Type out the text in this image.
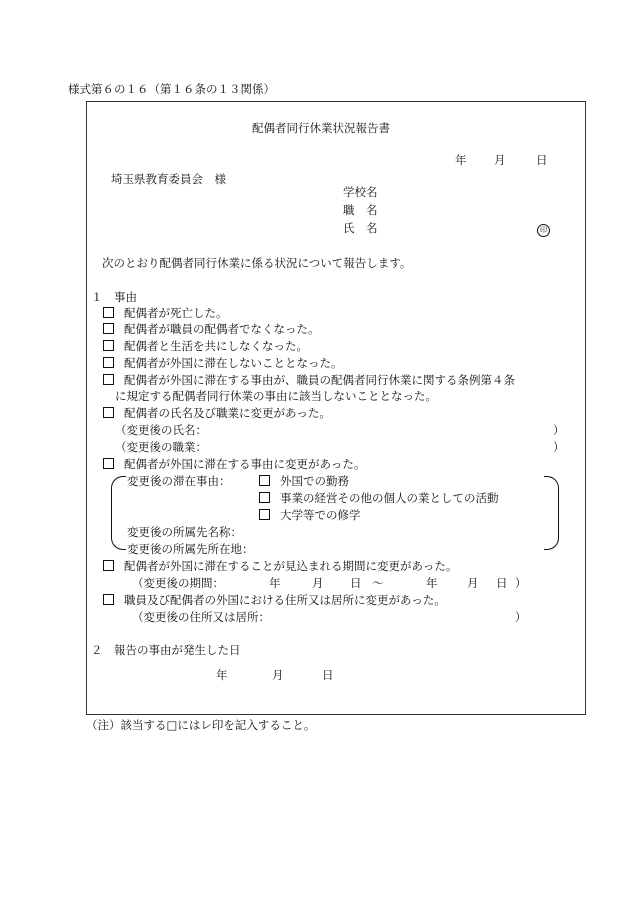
様式第６の１６（第１６条の１３関係）
配偶者同行休業状況報告書
年 月	日
埼玉県教育委員会　様
学校名
職　名
氏　名	印
次のとおり配偶者同行休業に係る状況について報告します。
１　事由
配偶者が死亡した。
配偶者が職員の配偶者でなくなった。
配偶者と生活を共にしなくなった。
配偶者が外国に滞在しないこととなった。
配偶者が外国に滞在する事由が、職員の配偶者同行休業に関する条例第４条
に規定する配偶者同行休業の事由に該当しないこととなった。
配偶者の氏名及び職業に変更があった。
（変更後の氏名：	）
（変更後の職業：	）
配偶者が外国に滞在する事由に変更があった。
変更後の滞在事由：	外国での勤務
事業の経営その他の個人の業としての活動
大学等での修学
変更後の所属先名称：
変更後の所属先所在地：
配偶者が外国に滞在することが見込まれる期間に変更があった。
（変更後の期間：	年	月 日 ～	年	月 日 ）
職員及び配偶者の外国における住所又は居所に変更があった。
（変更後の住所又は居所：	）
２　報告の事由が発生した日
年	月	日
（注）該当する□にはレ印を記入すること。
